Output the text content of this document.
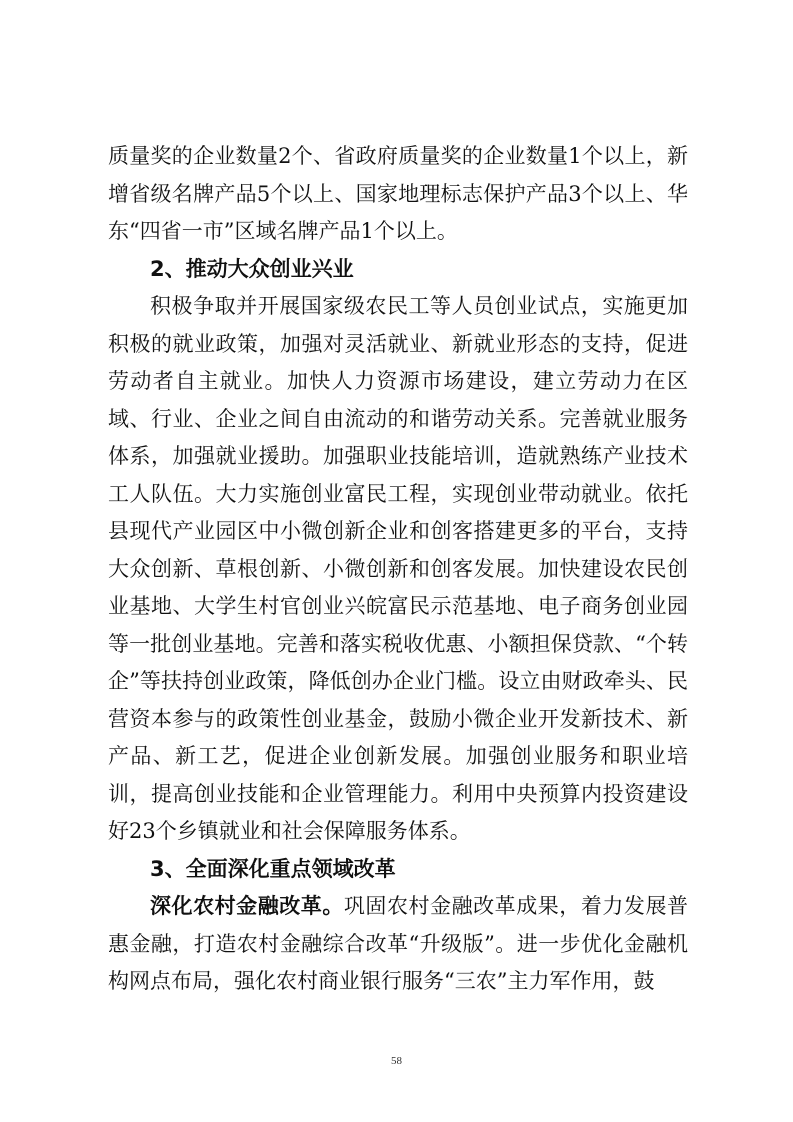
质量奖的企业数量2个、省政府质量奖的企业数量1个以上，新增省级名牌产品5个以上、国家地理标志保护产品3个以上、华东“四省一市”区域名牌产品1个以上。

2、推动大众创业兴业

积极争取并开展国家级农民工等人员创业试点，实施更加积极的就业政策，加强对灵活就业、新就业形态的支持，促进劳动者自主就业。加快人力资源市场建设，建立劳动力在区域、行业、企业之间自由流动的和谐劳动关系。完善就业服务体系，加强就业援助。加强职业技能培训，造就熟练产业技术工人队伍。大力实施创业富民工程，实现创业带动就业。依托县现代产业园区中小微创新企业和创客搭建更多的平台，支持大众创新、草根创新、小微创新和创客发展。加快建设农民创业基地、大学生村官创业兴皖富民示范基地、电子商务创业园等一批创业基地。完善和落实税收优惠、小额担保贷款、“个转企”等扶持创业政策，降低创办企业门槛。设立由财政牵头、民营资本参与的政策性创业基金，鼓励小微企业开发新技术、新产品、新工艺，促进企业创新发展。加强创业服务和职业培训，提高创业技能和企业管理能力。利用中央预算内投资建设好23个乡镇就业和社会保障服务体系。

3、全面深化重点领域改革

深化农村金融改革。巩固农村金融改革成果，着力发展普惠金融，打造农村金融综合改革“升级版”。进一步优化金融机构网点布局，强化农村商业银行服务“三农”主力军作用，鼓

58
